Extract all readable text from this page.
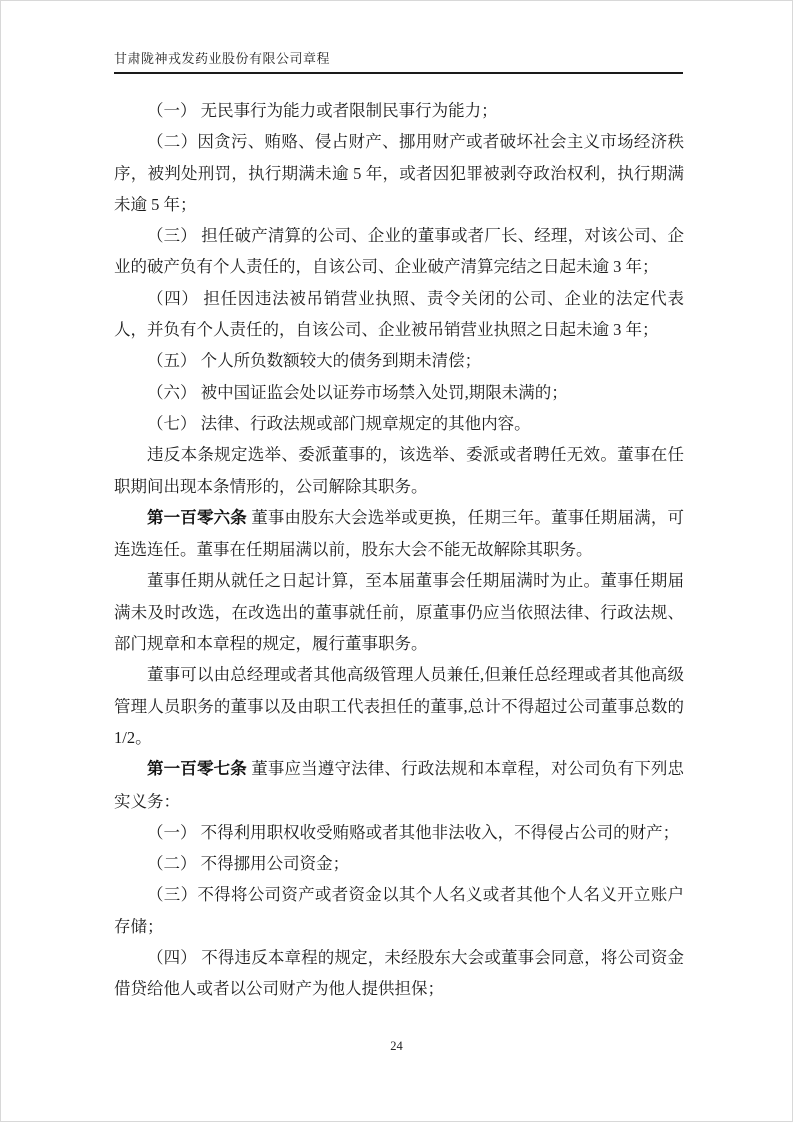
甘肃陇神戎发药业股份有限公司章程

（一） 无民事行为能力或者限制民事行为能力；

（二）因贪污、贿赂、侵占财产、挪用财产或者破坏社会主义市场经济秩序，被判处刑罚，执行期满未逾 5 年，或者因犯罪被剥夺政治权利，执行期满未逾 5 年；

（三） 担任破产清算的公司、企业的董事或者厂长、经理，对该公司、企业的破产负有个人责任的，自该公司、企业破产清算完结之日起未逾 3 年；

（四） 担任因违法被吊销营业执照、责令关闭的公司、企业的法定代表人，并负有个人责任的，自该公司、企业被吊销营业执照之日起未逾 3 年；

（五） 个人所负数额较大的债务到期未清偿；

（六） 被中国证监会处以证券市场禁入处罚,期限未满的；

（七） 法律、行政法规或部门规章规定的其他内容。

违反本条规定选举、委派董事的，该选举、委派或者聘任无效。董事在任职期间出现本条情形的，公司解除其职务。

第一百零六条 董事由股东大会选举或更换，任期三年。董事任期届满，可连选连任。董事在任期届满以前，股东大会不能无故解除其职务。

董事任期从就任之日起计算，至本届董事会任期届满时为止。董事任期届满未及时改选，在改选出的董事就任前，原董事仍应当依照法律、行政法规、部门规章和本章程的规定，履行董事职务。

董事可以由总经理或者其他高级管理人员兼任,但兼任总经理或者其他高级管理人员职务的董事以及由职工代表担任的董事,总计不得超过公司董事总数的1/2。

第一百零七条 董事应当遵守法律、行政法规和本章程，对公司负有下列忠实义务：

（一） 不得利用职权收受贿赂或者其他非法收入，不得侵占公司的财产；

（二） 不得挪用公司资金；

（三）不得将公司资产或者资金以其个人名义或者其他个人名义开立账户存储；

（四） 不得违反本章程的规定，未经股东大会或董事会同意，将公司资金借贷给他人或者以公司财产为他人提供担保；

24
